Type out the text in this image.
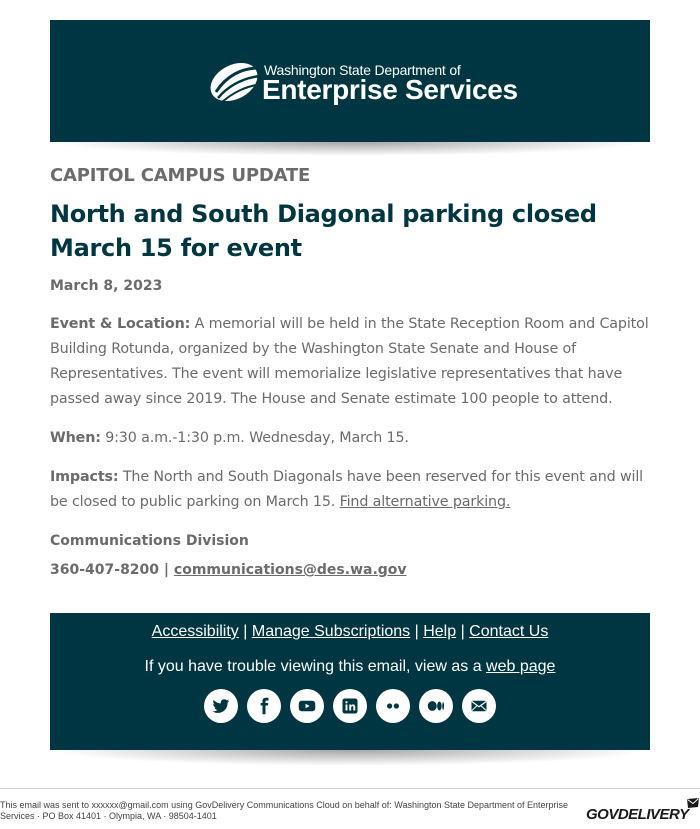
Washington State Department of
Enterprise Services

CAPITOL CAMPUS UPDATE

North and South Diagonal parking closed March 15 for event

March 8, 2023

Event & Location: A memorial will be held in the State Reception Room and Capitol Building Rotunda, organized by the Washington State Senate and House of Representatives. The event will memorialize legislative representatives that have passed away since 2019. The House and Senate estimate 100 people to attend.

When: 9:30 a.m.-1:30 p.m. Wednesday, March 15.

Impacts: The North and South Diagonals have been reserved for this event and will be closed to public parking on March 15. Find alternative parking.

Communications Division

360-407-8200 | communications@des.wa.gov

Accessibility | Manage Subscriptions | Help | Contact Us
If you have trouble viewing this email, view as a web page

This email was sent to xxxxxx@gmail.com using GovDelivery Communications Cloud on behalf of: Washington State Department of Enterprise Services · PO Box 41401 · Olympia, WA · 98504-1401	GOVDELIVERY
